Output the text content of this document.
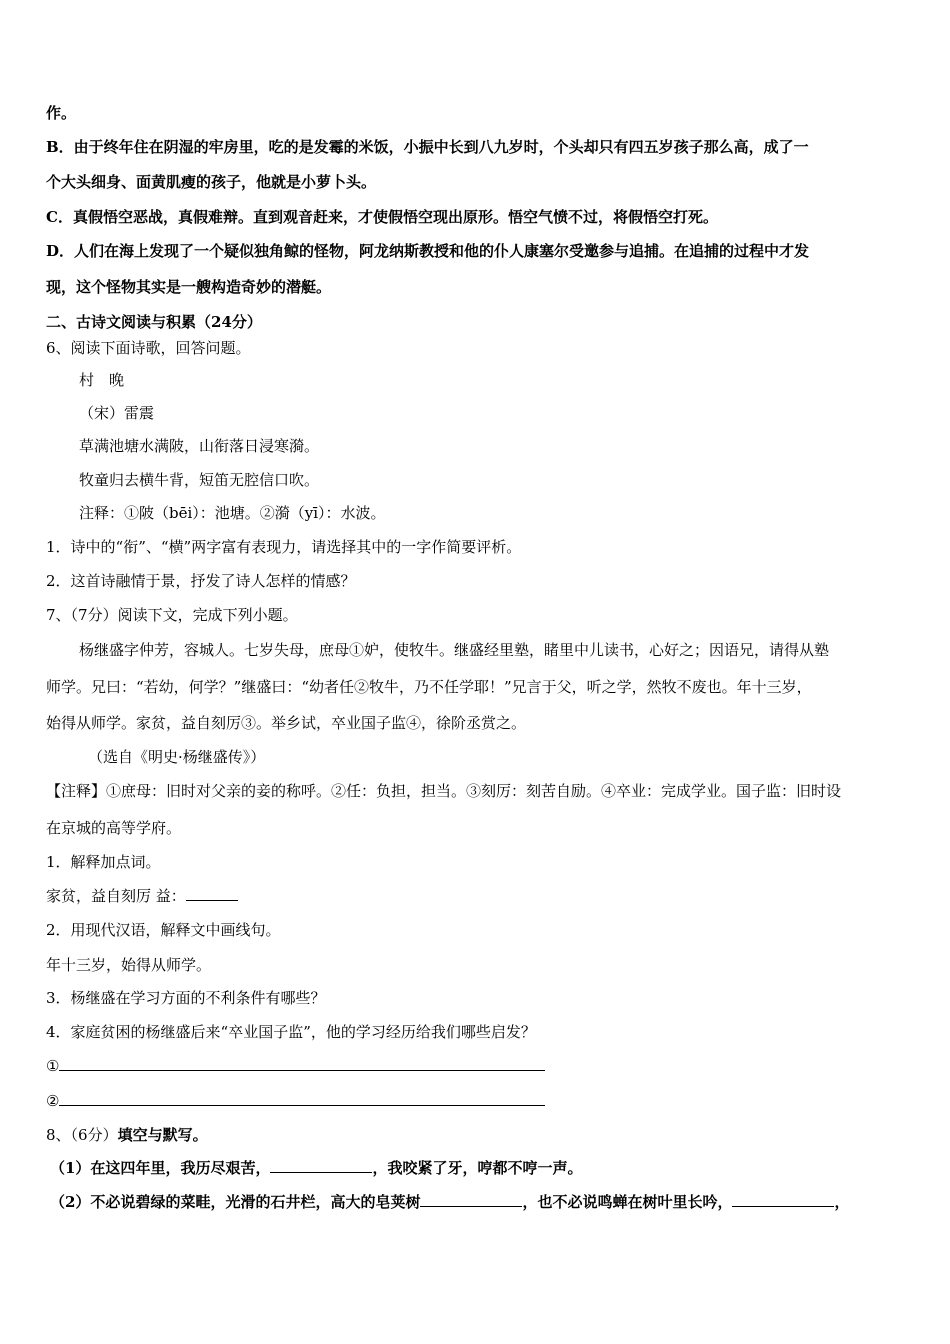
作。
B．由于终年住在阴湿的牢房里，吃的是发霉的米饭，小振中长到八九岁时，个头却只有四五岁孩子那么高，成了一
个大头细身、面黄肌瘦的孩子，他就是小萝卜头。
C．真假悟空恶战，真假难辩。直到观音赶来，才使假悟空现出原形。悟空气愤不过，将假悟空打死。
D．人们在海上发现了一个疑似独角鲸的怪物，阿龙纳斯教授和他的仆人康塞尔受邀参与追捕。在追捕的过程中才发
现，这个怪物其实是一艘构造奇妙的潜艇。
二、古诗文阅读与积累（24分）
6、阅读下面诗歌，回答问题。
村　晚
（宋）雷震
草满池塘水满陂，山衔落日浸寒漪。
牧童归去横牛背，短笛无腔信口吹。
注释：①陂（bēi）：池塘。②漪（yī）：水波。
1．诗中的“衔”、“横”两字富有表现力，请选择其中的一字作简要评析。
2．这首诗融情于景，抒发了诗人怎样的情感？
7、（7分）阅读下文，完成下列小题。
杨继盛字仲芳，容城人。七岁失母，庶母①妒，使牧牛。继盛经里塾，睹里中儿读书，心好之；因语兄，请得从塾
师学。兄曰：“若幼，何学？”继盛曰：“幼者任②牧牛，乃不任学耶！”兄言于父，听之学，然牧不废也。年十三岁，
始得从师学。家贫，益自刻厉③。举乡试，卒业国子监④，徐阶丞赏之。
（选自《明史·杨继盛传》）
【注释】①庶母：旧时对父亲的妾的称呼。②任：负担，担当。③刻厉：刻苦自励。④卒业：完成学业。国子监：旧时设
在京城的高等学府。
1．解释加点词。
家贫，益自刻厉 益：
2．用现代汉语，解释文中画线句。
年十三岁，始得从师学。
3．杨继盛在学习方面的不利条件有哪些？
4．家庭贫困的杨继盛后来“卒业国子监”，他的学习经历给我们哪些启发？
①
②
8、（6分）填空与默写。
（1）在这四年里，我历尽艰苦，	，我咬紧了牙，哼都不哼一声。
（2）不必说碧绿的菜畦，光滑的石井栏，高大的皂荚树	，也不必说鸣蝉在树叶里长吟，	，
